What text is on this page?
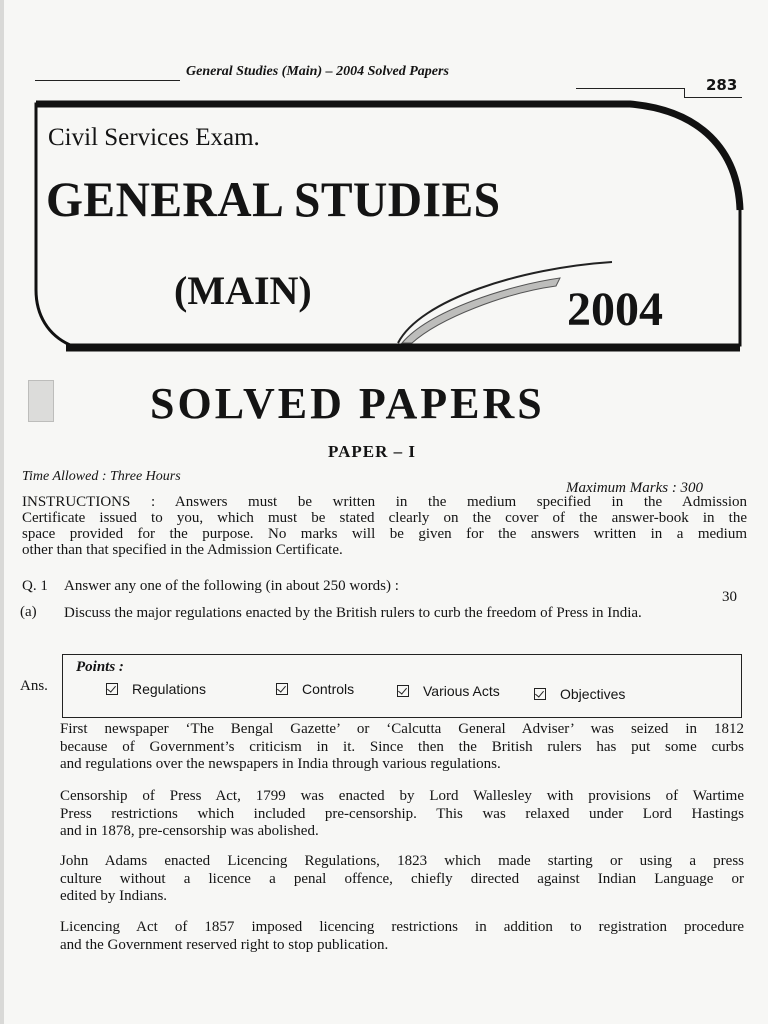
General Studies (Main) – 2004 Solved Papers
283
Civil Services Exam.
GENERAL STUDIES
(MAIN)	2004
SOLVED PAPERS
PAPER – I
Time Allowed : Three Hours
Maximum Marks : 300
INSTRUCTIONS : Answers must be written in the medium specified in the Admission
Certificate issued to you, which must be stated clearly on the cover of the answer-book in the
space provided for the purpose. No marks will be given for the answers written in a medium
other than that specified in the Admission Certificate.
Q. 1 Answer any one of the following (in about 250 words) :
30
(a) Discuss the major regulations enacted by the British rulers to curb the freedom of Press in India.
Ans.
Points :
Regulations	Controls	Various Acts	Objectives
First newspaper ‘The Bengal Gazette’ or ‘Calcutta General Adviser’ was seized in 1812
because of Government’s criticism in it. Since then the British rulers has put some curbs
and regulations over the newspapers in India through various regulations.
Censorship of Press Act, 1799 was enacted by Lord Wallesley with provisions of Wartime
Press restrictions which included pre-censorship. This was relaxed under Lord Hastings
and in 1878, pre-censorship was abolished.
John Adams enacted Licencing Regulations, 1823 which made starting or using a press
culture without a licence a penal offence, chiefly directed against Indian Language or
edited by Indians.
Licencing Act of 1857 imposed licencing restrictions in addition to registration procedure
and the Government reserved right to stop publication.
